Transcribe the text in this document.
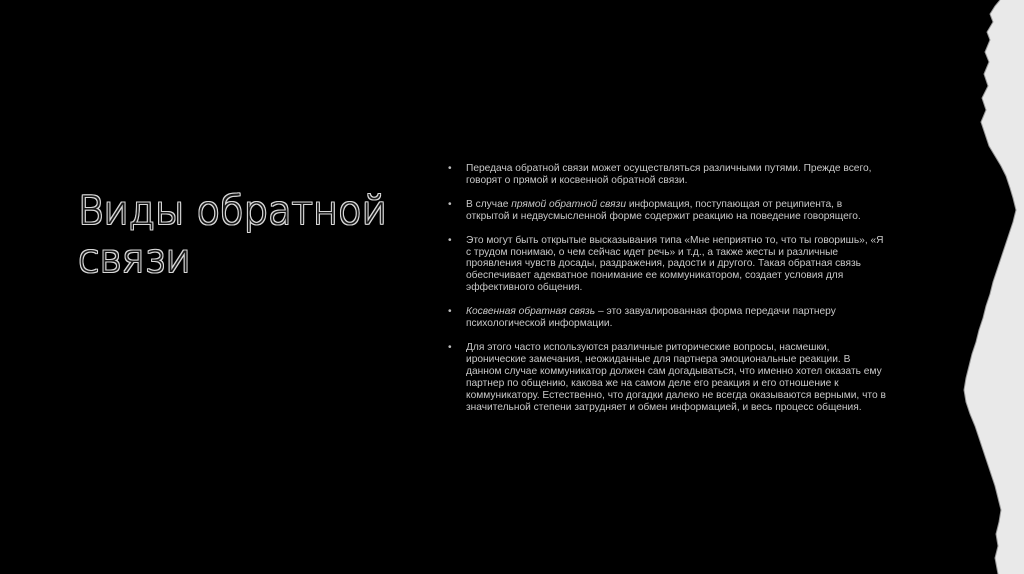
Виды обратной
связи
• Передача обратной связи может осуществляться различными путями. Прежде всего, говорят о прямой и косвенной обратной связи.
• В случае прямой обратной связи информация, поступающая от реципиента, в открытой и недвусмысленной форме содержит реакцию на поведение говорящего.
• Это могут быть открытые высказывания типа «Мне неприятно то, что ты говоришь», «Я с трудом понимаю, о чем сейчас идет речь» и т.д., а также жесты и различные проявления чувств досады, раздражения, радости и другого. Такая обратная связь обеспечивает адекватное понимание ее коммуникатором, создает условия для эффективного общения.
• Косвенная обратная связь – это завуалированная форма передачи партнеру психологической информации.
• Для этого часто используются различные риторические вопросы, насмешки, иронические замечания, неожиданные для партнера эмоциональные реакции. В данном случае коммуникатор должен сам догадываться, что именно хотел оказать ему партнер по общению, какова же на самом деле его реакция и его отношение к коммуникатору. Естественно, что догадки далеко не всегда оказываются верными, что в значительной степени затрудняет и обмен информацией, и весь процесс общения.
